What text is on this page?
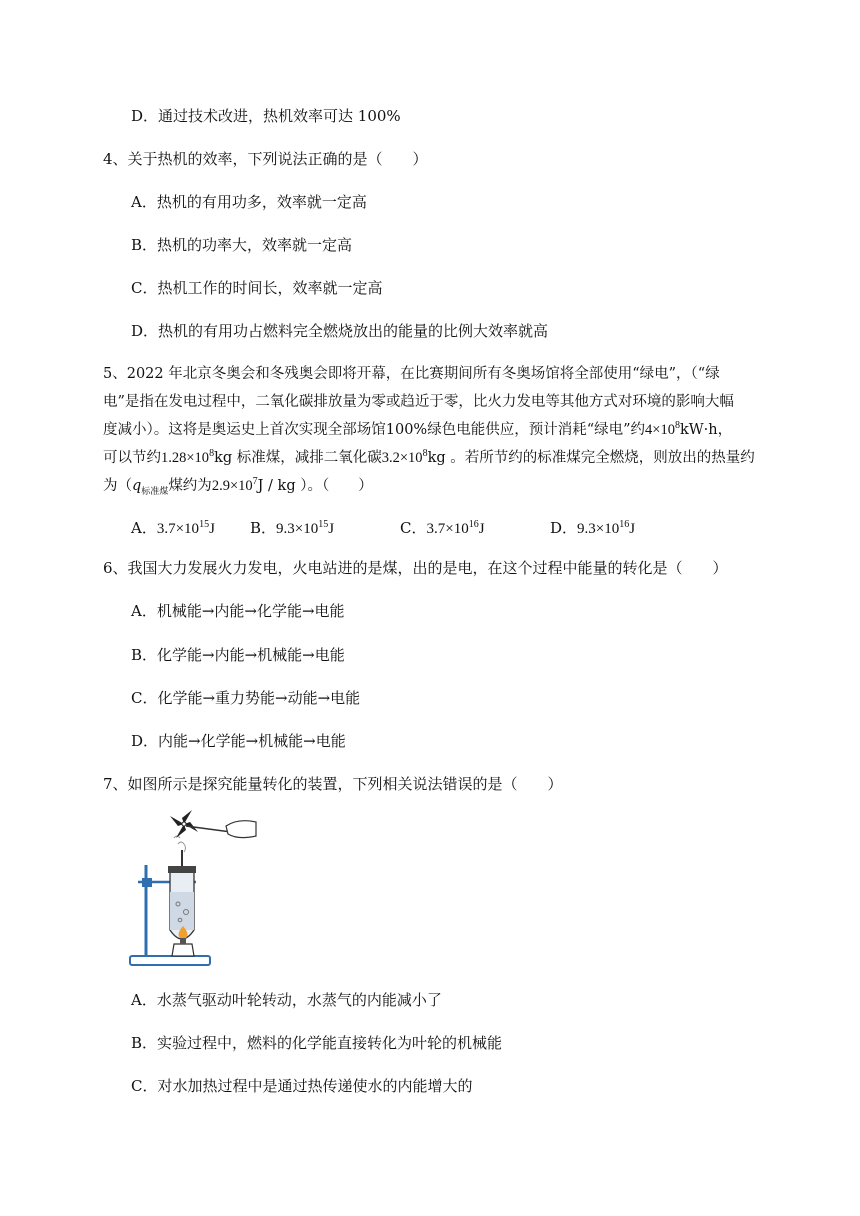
D．通过技术改进，热机效率可达 100%
4、关于热机的效率，下列说法正确的是（　　）
A．热机的有用功多，效率就一定高
B．热机的功率大，效率就一定高
C．热机工作的时间长，效率就一定高
D．热机的有用功占燃料完全燃烧放出的能量的比例大效率就高
5、2022 年北京冬奥会和冬残奥会即将开幕，在比赛期间所有冬奥场馆将全部使用“绿电”，（“绿
电”是指在发电过程中，二氧化碳排放量为零或趋近于零，比火力发电等其他方式对环境的影响大幅
度减小）。这将是奥运史上首次实现全部场馆100%绿色电能供应，预计消耗“绿电”约$4\times 10^8kW\cdot h$，
可以节约$1.28\times 10^8kg$ 标准煤，减排二氧化碳$3.2\times 10^8kg$ 。若所节约的标准煤完全燃烧，则放出的热量约
为（$q_{标准煤}$煤约为$2.9\times 10^7J$ / kg ）。（　　）
A．$3.7\times 10^{15}J$ B．$9.3\times 10^{15}J$	C．$3.7\times 10^{16}J$	D．$9.3\times 10^{16}J$
6、我国大力发展火力发电，火电站进的是煤，出的是电，在这个过程中能量的转化是（　　）
A．机械能→内能→化学能→电能
B．化学能→内能→机械能→电能
C．化学能→重力势能→动能→电能
D．内能→化学能→机械能→电能
7、如图所示是探究能量转化的装置，下列相关说法错误的是（　　）
A．水蒸气驱动叶轮转动，水蒸气的内能减小了
B．实验过程中，燃料的化学能直接转化为叶轮的机械能
C．对水加热过程中是通过热传递使水的内能增大的
